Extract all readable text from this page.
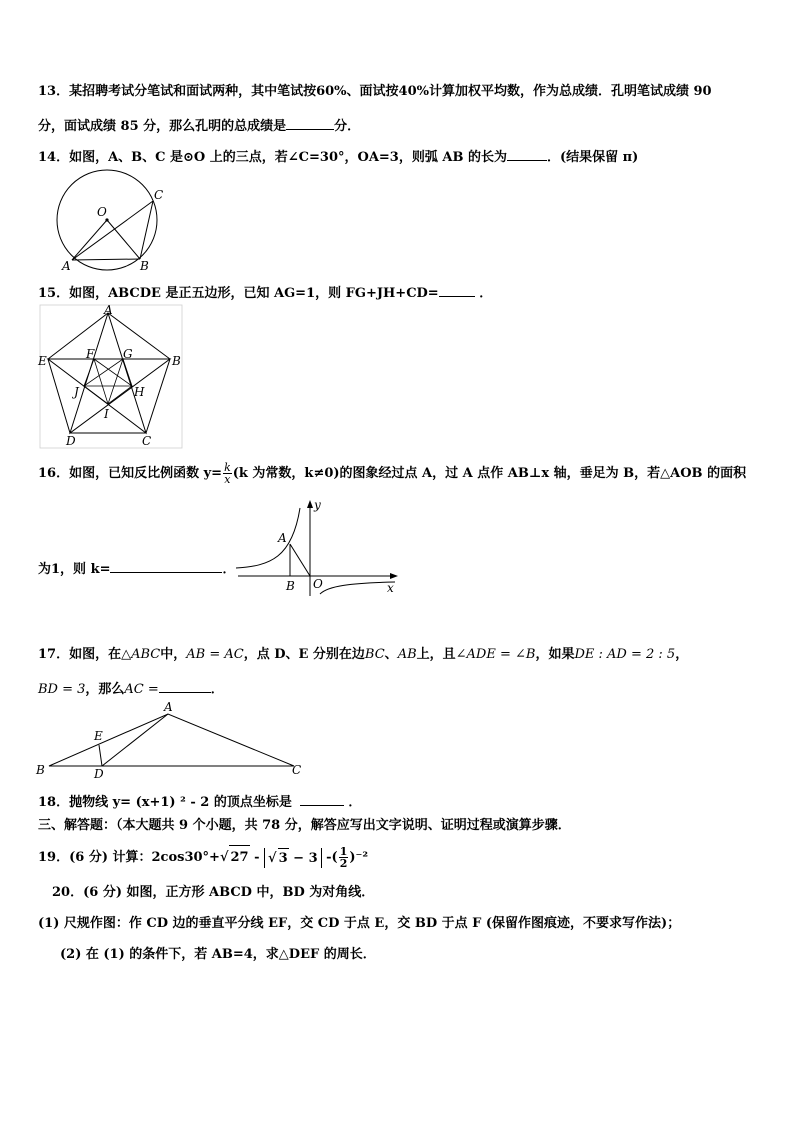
13．某招聘考试分笔试和面试两种，其中笔试按60%、面试按40%计算加权平均数，作为总成绩．孔明笔试成绩 90
分，面试成绩 85 分，那么孔明的总成绩是	分．
14．如图，A、B、C 是⊙O 上的三点，若∠C=30°，OA=3，则弧 AB 的长为	．(结果保留 π)
O
A	B
C
15．如图，ABCDE 是正五边形，已知 AG=1，则 FG+JH+CD=	．
A
B
C
D
E	F G
H
I
J
16．如图，已知反比例函数 $y= \frac{k}{x} (k$ 为常数，k≠0)的图象经过点 A，过 A 点作 AB⊥x 轴，垂足为 B，若△AOB 的面积
y
x
A
B O
为1，则 k=	．
17．如图，在△ABC中，AB = AC，点 D、E 分别在边BC、AB上，且∠ADE = ∠B，如果DE : AD = 2 : 5，
BD = 3，那么AC =	．
A
B	C
D
E
18．抛物线 y= (x+1) ² - 2 的顶点坐标是	．
三、解答题：（本大题共 9 个小题，共 78 分，解答应写出文字说明、证明过程或演算步骤．
19．(6 分) 计算：2cos30°+√ 27 - √ 3 − 3 -( $\frac{1}{2} )^{-2}$
20．(6 分) 如图，正方形 ABCD 中，BD 为对角线．
(1) 尺规作图：作 CD 边的垂直平分线 EF，交 CD 于点 E，交 BD 于点 F (保留作图痕迹，不要求写作法)；
(2) 在 (1) 的条件下，若 AB=4，求△DEF 的周长．
